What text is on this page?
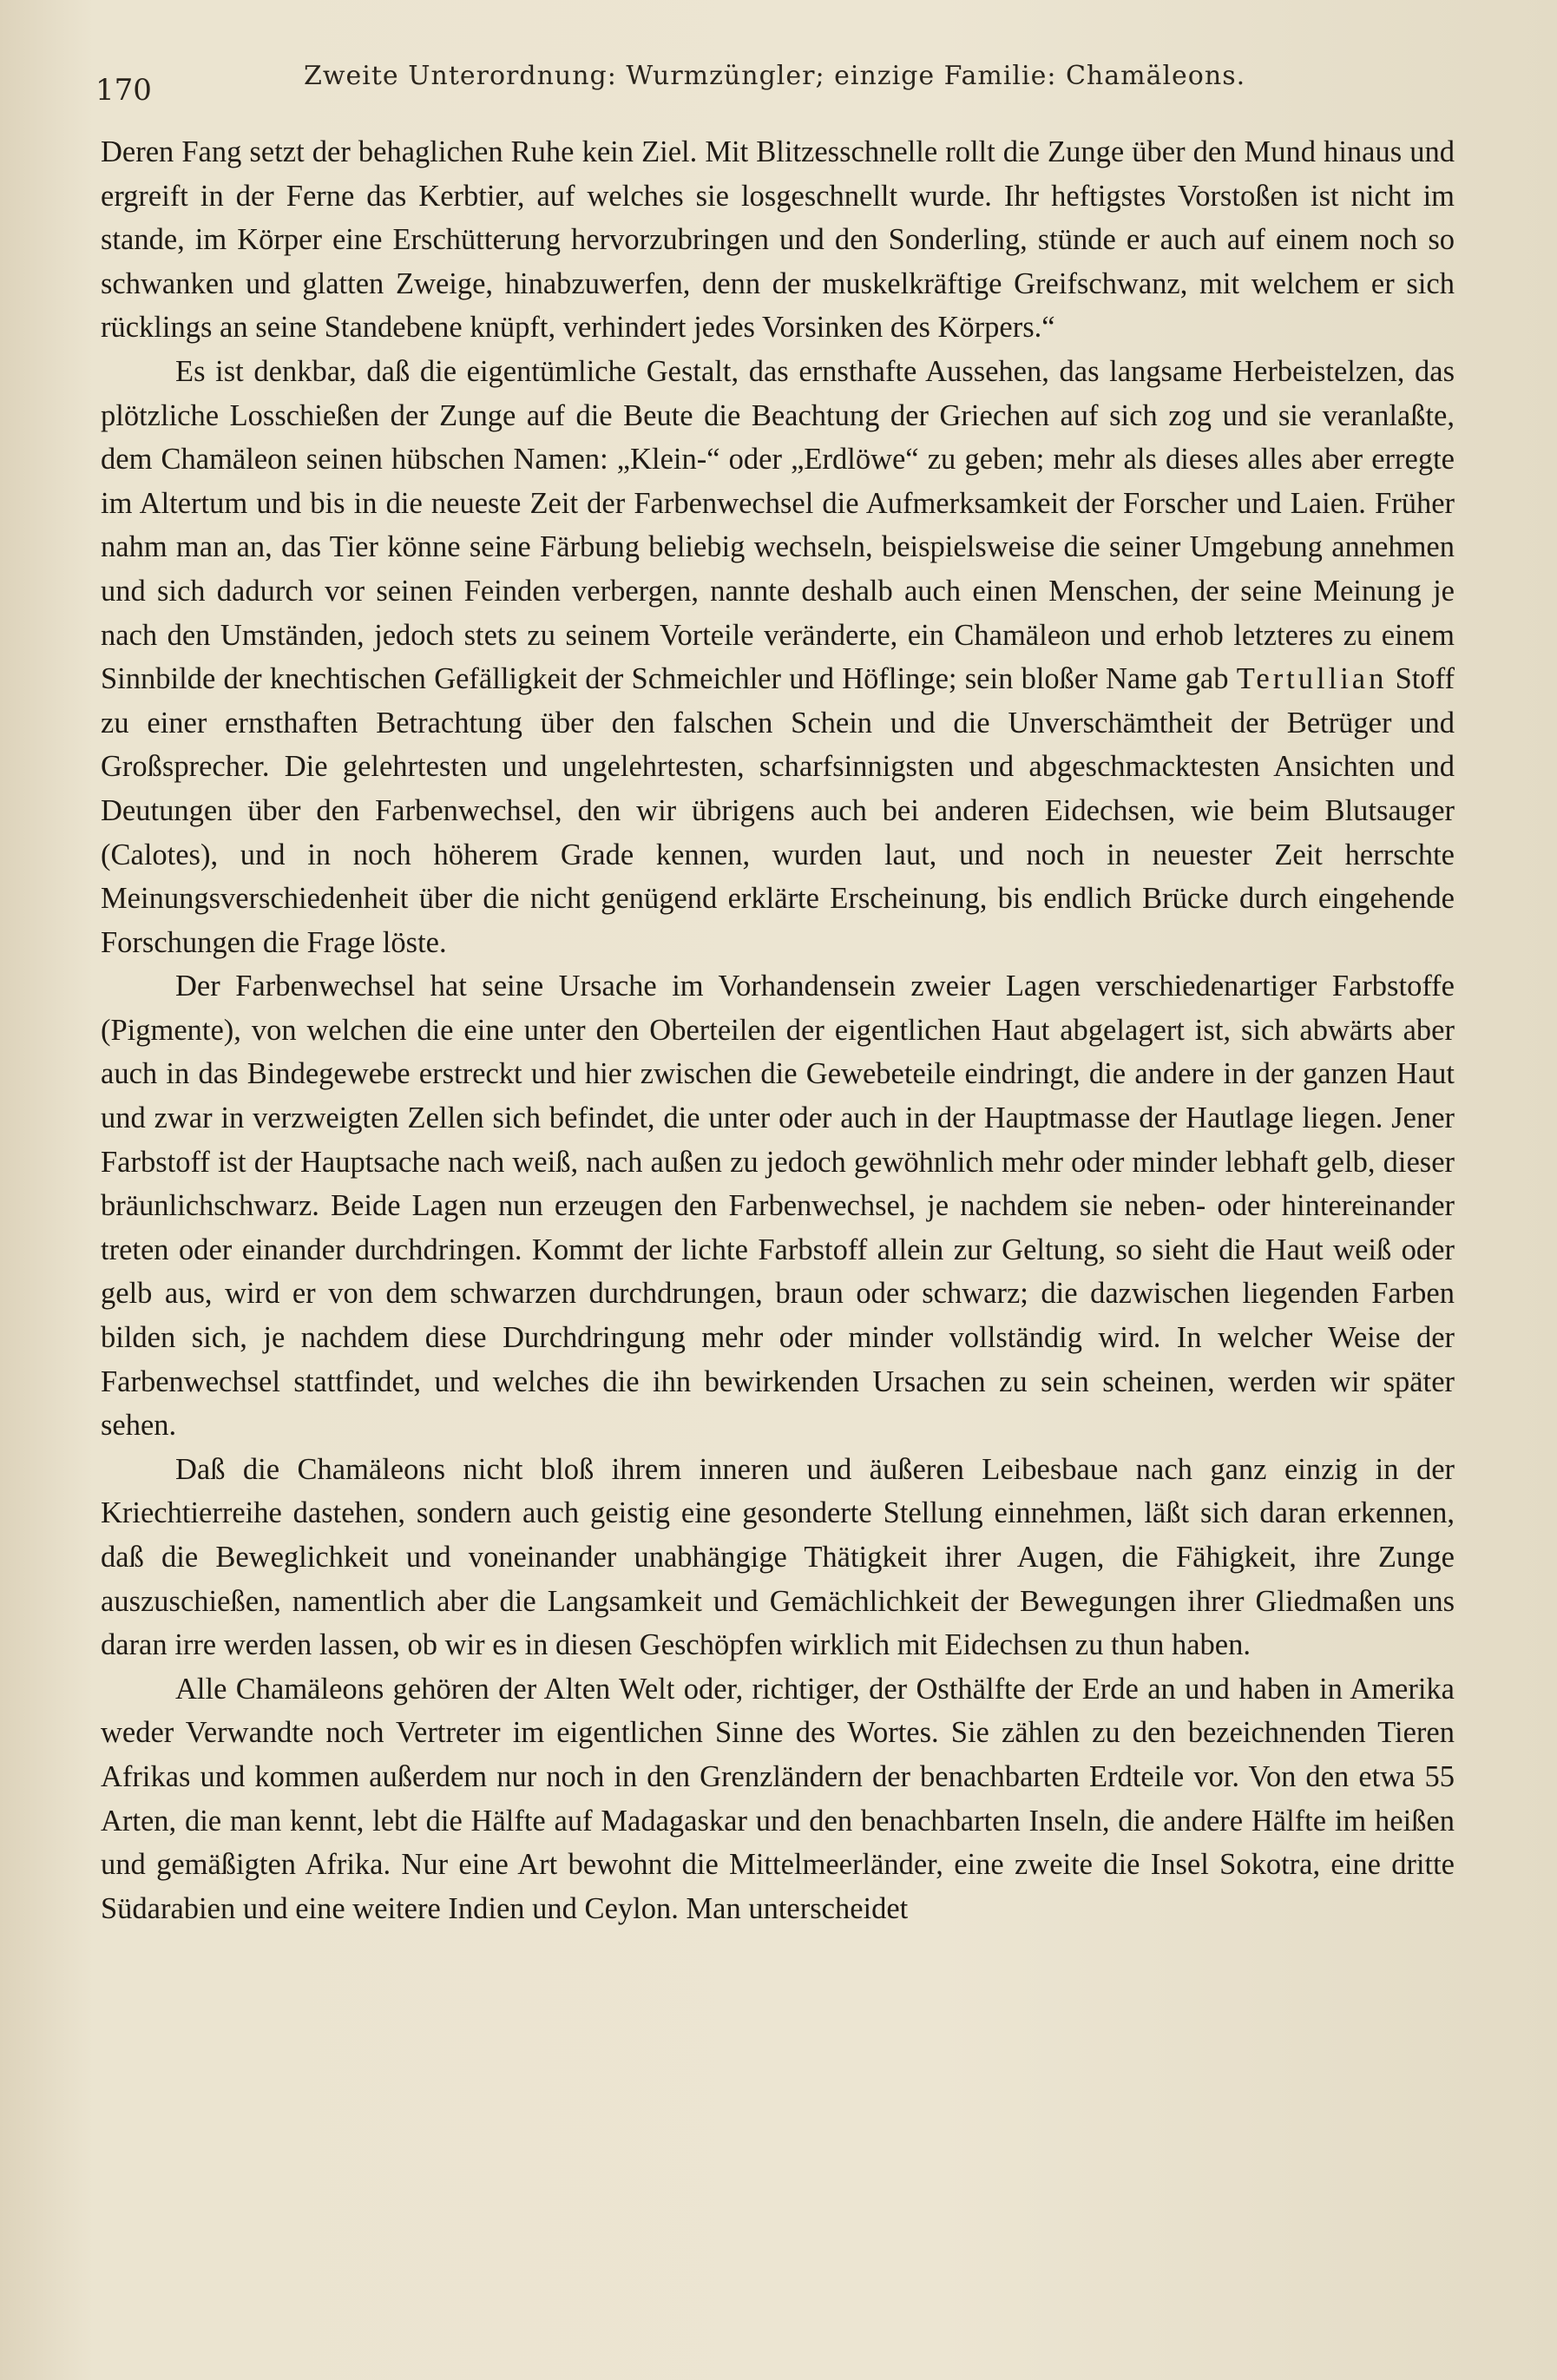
170	Zweite Unterordnung: Wurmzüngler; einzige Familie: Chamäleons.

Deren Fang setzt der behaglichen Ruhe kein Ziel. Mit Blitzesschnelle rollt die Zunge über den Mund hinaus und ergreift in der Ferne das Kerbtier, auf welches sie losgeschnellt wurde. Ihr heftigstes Vorstoßen ist nicht im stande, im Körper eine Erschütterung hervorzubringen und den Sonderling, stünde er auch auf einem noch so schwanken und glatten Zweige, hinabzuwerfen, denn der muskelkräftige Greifschwanz, mit welchem er sich rücklings an seine Standebene knüpft, verhindert jedes Vorsinken des Körpers.“

Es ist denkbar, daß die eigentümliche Gestalt, das ernsthafte Aussehen, das langsame Herbeistelzen, das plötzliche Losschießen der Zunge auf die Beute die Beachtung der Griechen auf sich zog und sie veranlaßte, dem Chamäleon seinen hübschen Namen: „Klein-“ oder „Erdlöwe“ zu geben; mehr als dieses alles aber erregte im Altertum und bis in die neueste Zeit der Farbenwechsel die Aufmerksamkeit der Forscher und Laien. Früher nahm man an, das Tier könne seine Färbung beliebig wechseln, beispielsweise die seiner Umgebung annehmen und sich dadurch vor seinen Feinden verbergen, nannte deshalb auch einen Menschen, der seine Meinung je nach den Umständen, jedoch stets zu seinem Vorteile veränderte, ein Chamäleon und erhob letzteres zu einem Sinnbilde der knechtischen Gefälligkeit der Schmeichler und Höflinge; sein bloßer Name gab Tertullian Stoff zu einer ernsthaften Betrachtung über den falschen Schein und die Unverschämtheit der Betrüger und Großsprecher. Die gelehrtesten und ungelehrtesten, scharfsinnigsten und abgeschmacktesten Ansichten und Deutungen über den Farbenwechsel, den wir übrigens auch bei anderen Eidechsen, wie beim Blutsauger (Calotes), und in noch höherem Grade kennen, wurden laut, und noch in neuester Zeit herrschte Meinungsverschiedenheit über die nicht genügend erklärte Erscheinung, bis endlich Brücke durch eingehende Forschungen die Frage löste.

Der Farbenwechsel hat seine Ursache im Vorhandensein zweier Lagen verschiedenartiger Farbstoffe (Pigmente), von welchen die eine unter den Oberteilen der eigentlichen Haut abgelagert ist, sich abwärts aber auch in das Bindegewebe erstreckt und hier zwischen die Gewebeteile eindringt, die andere in der ganzen Haut und zwar in verzweigten Zellen sich befindet, die unter oder auch in der Hauptmasse der Hautlage liegen. Jener Farbstoff ist der Hauptsache nach weiß, nach außen zu jedoch gewöhnlich mehr oder minder lebhaft gelb, dieser bräunlichschwarz. Beide Lagen nun erzeugen den Farbenwechsel, je nachdem sie neben- oder hintereinander treten oder einander durchdringen. Kommt der lichte Farbstoff allein zur Geltung, so sieht die Haut weiß oder gelb aus, wird er von dem schwarzen durchdrungen, braun oder schwarz; die dazwischen liegenden Farben bilden sich, je nachdem diese Durchdringung mehr oder minder vollständig wird. In welcher Weise der Farbenwechsel stattfindet, und welches die ihn bewirkenden Ursachen zu sein scheinen, werden wir später sehen.

Daß die Chamäleons nicht bloß ihrem inneren und äußeren Leibesbaue nach ganz einzig in der Kriechtierreihe dastehen, sondern auch geistig eine gesonderte Stellung einnehmen, läßt sich daran erkennen, daß die Beweglichkeit und voneinander unabhängige Thätigkeit ihrer Augen, die Fähigkeit, ihre Zunge auszuschießen, namentlich aber die Langsamkeit und Gemächlichkeit der Bewegungen ihrer Gliedmaßen uns daran irre werden lassen, ob wir es in diesen Geschöpfen wirklich mit Eidechsen zu thun haben.

Alle Chamäleons gehören der Alten Welt oder, richtiger, der Osthälfte der Erde an und haben in Amerika weder Verwandte noch Vertreter im eigentlichen Sinne des Wortes. Sie zählen zu den bezeichnenden Tieren Afrikas und kommen außerdem nur noch in den Grenzländern der benachbarten Erdteile vor. Von den etwa 55 Arten, die man kennt, lebt die Hälfte auf Madagaskar und den benachbarten Inseln, die andere Hälfte im heißen und gemäßigten Afrika. Nur eine Art bewohnt die Mittelmeerländer, eine zweite die Insel Sokotra, eine dritte Südarabien und eine weitere Indien und Ceylon. Man unterscheidet
